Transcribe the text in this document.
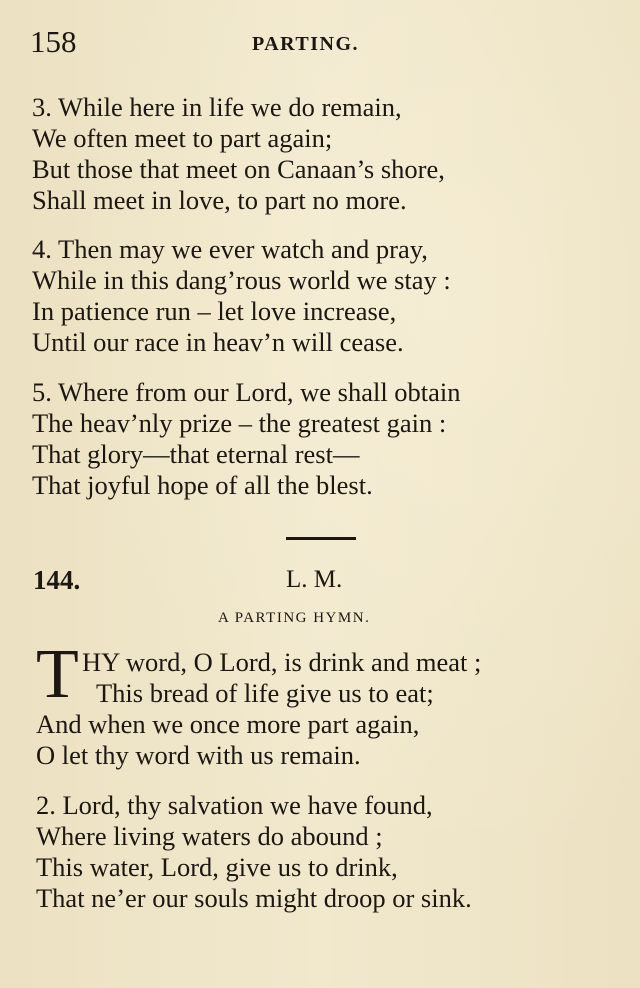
158	PARTING.
3. While here in life we do remain,
We often meet to part again;
But those that meet on Canaan’s shore,
Shall meet in love, to part no more.
4. Then may we ever watch and pray,
While in this dang’rous world we stay :
In patience run – let love increase,
Until our race in heav’n will cease.
5. Where from our Lord, we shall obtain
The heav’nly prize – the greatest gain :
That glory—that eternal rest—
That joyful hope of all the blest.
144.	L. M.
A PARTING HYMN.
T HY word, O Lord, is drink and meat ;
This bread of life give us to eat;
And when we once more part again,
O let thy word with us remain.
2. Lord, thy salvation we have found,
Where living waters do abound ;
This water, Lord, give us to drink,
That ne’er our souls might droop or sink.
